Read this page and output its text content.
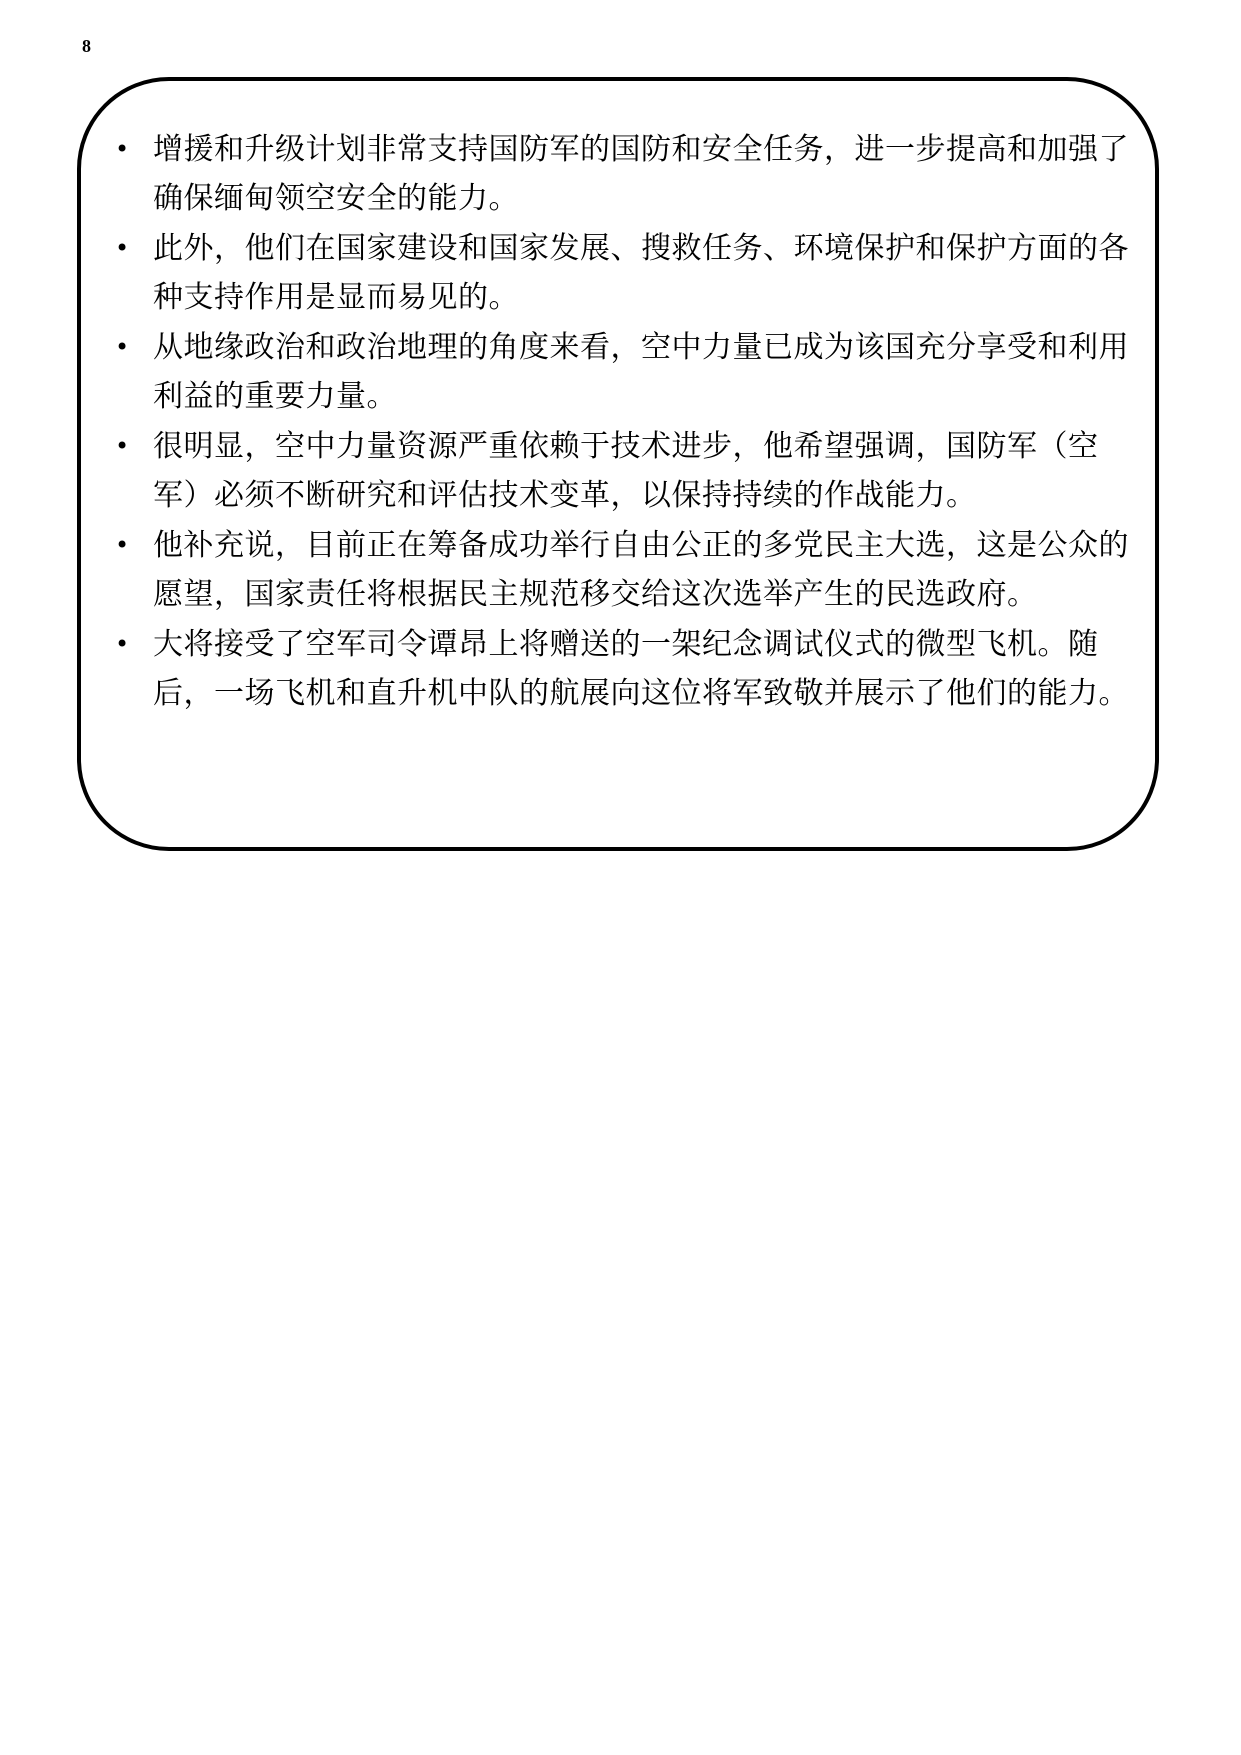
8
• 增援和升级计划非常支持国防军的国防和安全任务，进一步提高和加强了确保缅甸领空安全的能力。
• 此外，他们在国家建设和国家发展、搜救任务、环境保护和保护方面的各种支持作用是显而易见的。
• 从地缘政治和政治地理的角度来看，空中力量已成为该国充分享受和利用利益的重要力量。
• 很明显，空中力量资源严重依赖于技术进步，他希望强调，国防军（空军）必须不断研究和评估技术变革，以保持持续的作战能力。
• 他补充说，目前正在筹备成功举行自由公正的多党民主大选，这是公众的愿望，国家责任将根据民主规范移交给这次选举产生的民选政府。
• 大将接受了空军司令谭昂上将赠送的一架纪念调试仪式的微型飞机。随后，一场飞机和直升机中队的航展向这位将军致敬并展示了他们的能力。
